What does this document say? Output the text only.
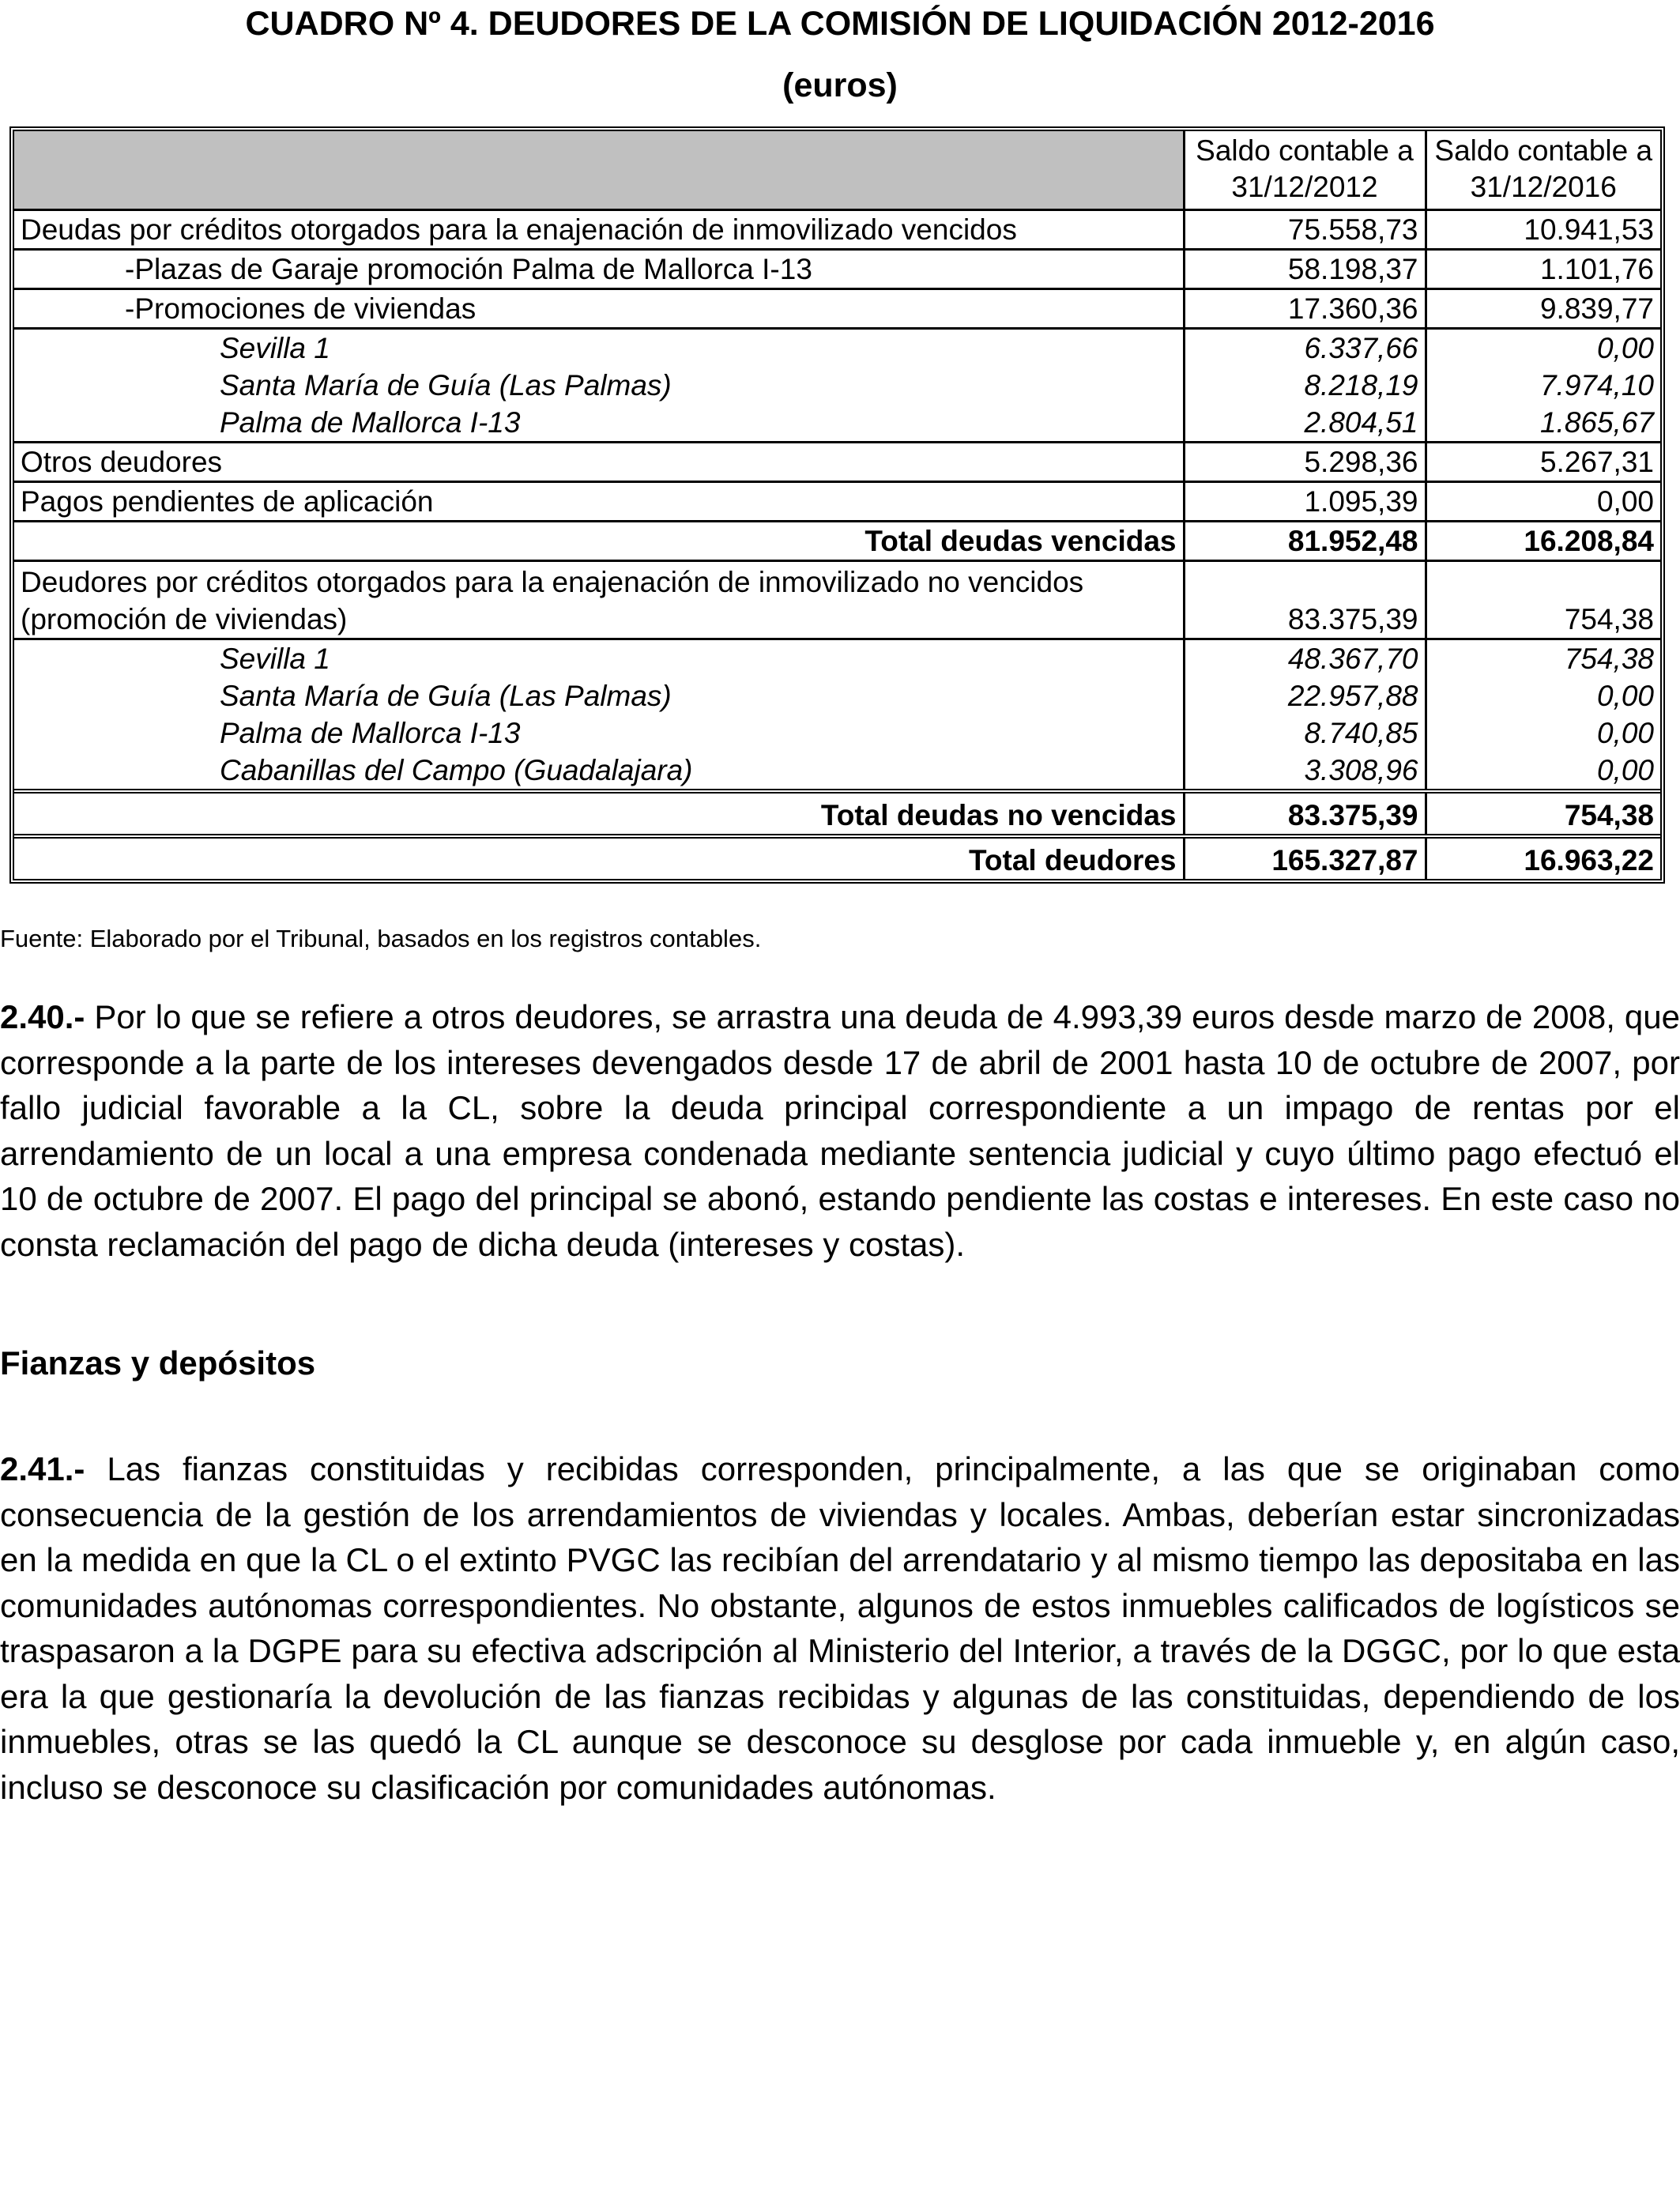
CUADRO Nº 4. DEUDORES DE LA COMISIÓN DE LIQUIDACIÓN 2012-2016
(euros)
	Saldo contable a 31/12/2012	Saldo contable a 31/12/2016
Deudas por créditos otorgados para la enajenación de inmovilizado vencidos	75.558,73	10.941,53
-Plazas de Garaje promoción Palma de Mallorca I-13	58.198,37	1.101,76
-Promociones de viviendas	17.360,36	9.839,77
Sevilla 1	6.337,66	0,00
Santa María de Guía (Las Palmas)	8.218,19	7.974,10
Palma de Mallorca I-13	2.804,51	1.865,67
Otros deudores	5.298,36	5.267,31
Pagos pendientes de aplicación	1.095,39	0,00
Total deudas vencidas	81.952,48	16.208,84
Deudores por créditos otorgados para la enajenación de inmovilizado no vencidos (promoción de viviendas)	83.375,39	754,38
Sevilla 1	48.367,70	754,38
Santa María de Guía (Las Palmas)	22.957,88	0,00
Palma de Mallorca I-13	8.740,85	0,00
Cabanillas del Campo (Guadalajara)	3.308,96	0,00
Total deudas no vencidas	83.375,39	754,38
Total deudores	165.327,87	16.963,22

Fuente: Elaborado por el Tribunal, basados en los registros contables.

2.40.- Por lo que se refiere a otros deudores, se arrastra una deuda de 4.993,39 euros desde marzo de 2008, que corresponde a la parte de los intereses devengados desde 17 de abril de 2001 hasta 10 de octubre de 2007, por fallo judicial favorable a la CL, sobre la deuda principal correspondiente a un impago de rentas por el arrendamiento de un local a una empresa condenada mediante sentencia judicial y cuyo último pago efectuó el 10 de octubre de 2007. El pago del principal se abonó, estando pendiente las costas e intereses. En este caso no consta reclamación del pago de dicha deuda (intereses y costas).

Fianzas y depósitos

2.41.- Las fianzas constituidas y recibidas corresponden, principalmente, a las que se originaban como consecuencia de la gestión de los arrendamientos de viviendas y locales. Ambas, deberían estar sincronizadas en la medida en que la CL o el extinto PVGC las recibían del arrendatario y al mismo tiempo las depositaba en las comunidades autónomas correspondientes. No obstante, algunos de estos inmuebles calificados de logísticos se traspasaron a la DGPE para su efectiva adscripción al Ministerio del Interior, a través de la DGGC, por lo que esta era la que gestionaría la devolución de las fianzas recibidas y algunas de las constituidas, dependiendo de los inmuebles, otras se las quedó la CL aunque se desconoce su desglose por cada inmueble y, en algún caso, incluso se desconoce su clasificación por comunidades autónomas.
